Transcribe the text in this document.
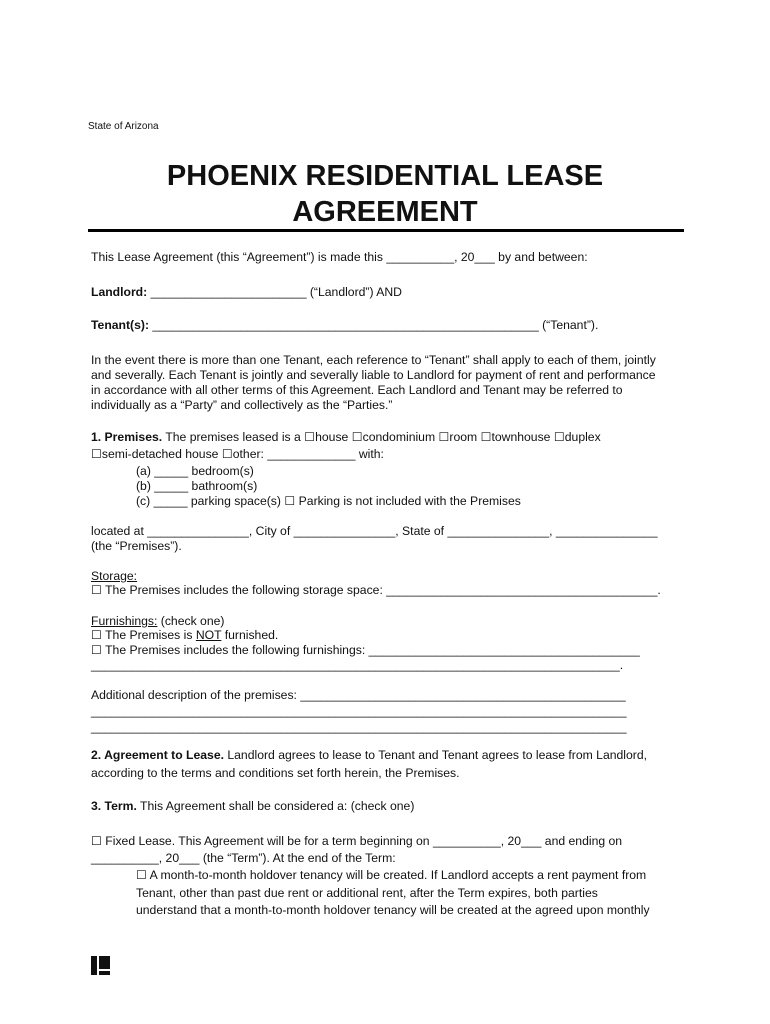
State of Arizona
PHOENIX RESIDENTIAL LEASE
AGREEMENT
This Lease Agreement (this “Agreement”) is made this __________, 20___ by and between:
Landlord: _______________________ (“Landlord”) AND
Tenant(s): _________________________________________________________ (“Tenant”).
In the event there is more than one Tenant, each reference to “Tenant” shall apply to each of them, jointly
and severally. Each Tenant is jointly and severally liable to Landlord for payment of rent and performance
in accordance with all other terms of this Agreement. Each Landlord and Tenant may be referred to
individually as a “Party” and collectively as the “Parties.”
1. Premises. The premises leased is a ☐house ☐condominium ☐room ☐townhouse ☐duplex
☐semi-detached house ☐other: _____________ with:
(a) _____ bedroom(s)
(b) _____ bathroom(s)
(c) _____ parking space(s) ☐ Parking is not included with the Premises
located at _______________, City of _______________, State of _______________, _______________
(the “Premises”).
Storage:
☐ The Premises includes the following storage space: ________________________________________.
Furnishings: (check one)
☐ The Premises is NOT furnished.
☐ The Premises includes the following furnishings: ________________________________________
______________________________________________________________________________.
Additional description of the premises: ________________________________________________
_______________________________________________________________________________
_______________________________________________________________________________
2. Agreement to Lease. Landlord agrees to lease to Tenant and Tenant agrees to lease from Landlord,
according to the terms and conditions set forth herein, the Premises.
3. Term. This Agreement shall be considered a: (check one)
☐ Fixed Lease. This Agreement will be for a term beginning on __________, 20___ and ending on
__________, 20___ (the “Term”). At the end of the Term:
☐ A month-to-month holdover tenancy will be created. If Landlord accepts a rent payment from
Tenant, other than past due rent or additional rent, after the Term expires, both parties
understand that a month-to-month holdover tenancy will be created at the agreed upon monthly
